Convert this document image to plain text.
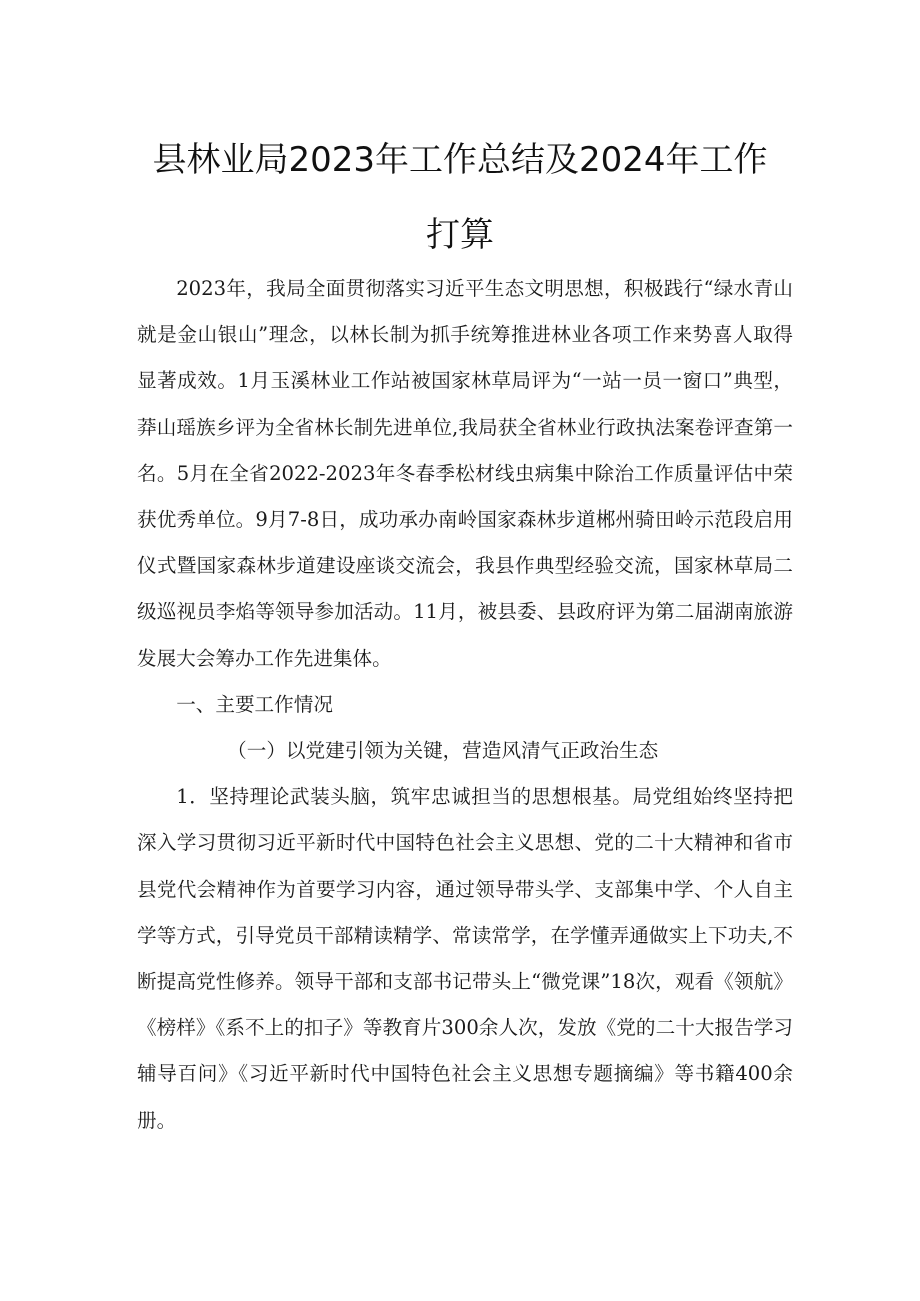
县林业局2023年工作总结及2024年工作
打算

2023年，我局全面贯彻落实习近平生态文明思想，积极践行“绿水青山就是金山银山”理念，以林长制为抓手统筹推进林业各项工作来势喜人取得显著成效。1月玉溪林业工作站被国家林草局评为“一站一员一窗口”典型，莽山瑶族乡评为全省林长制先进单位,我局获全省林业行政执法案卷评查第一名。5月在全省2022-2023年冬春季松材线虫病集中除治工作质量评估中荣获优秀单位。9月7-8日，成功承办南岭国家森林步道郴州骑田岭示范段启用仪式暨国家森林步道建设座谈交流会，我县作典型经验交流，国家林草局二级巡视员李焰等领导参加活动。11月，被县委、县政府评为第二届湖南旅游发展大会筹办工作先进集体。

一、主要工作情况

（一）以党建引领为关键，营造风清气正政治生态

1．坚持理论武装头脑，筑牢忠诚担当的思想根基。局党组始终坚持把深入学习贯彻习近平新时代中国特色社会主义思想、党的二十大精神和省市县党代会精神作为首要学习内容，通过领导带头学、支部集中学、个人自主学等方式，引导党员干部精读精学、常读常学，在学懂弄通做实上下功夫,不断提高党性修养。领导干部和支部书记带头上“微党课”18次，观看《领航》《榜样》《系不上的扣子》等教育片300余人次，发放《党的二十大报告学习辅导百问》《习近平新时代中国特色社会主义思想专题摘编》等书籍400余册。
